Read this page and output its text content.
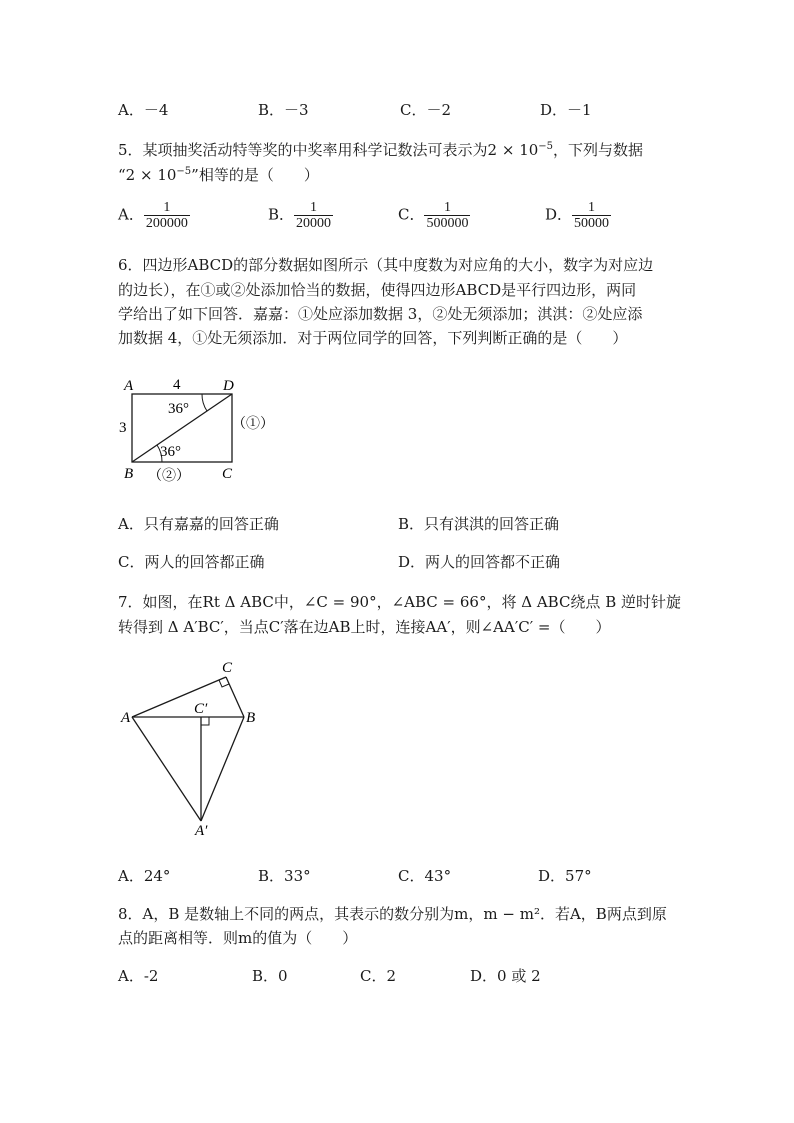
A．－4	B．－3	C．－2	D．－1
5．某项抽奖活动特等奖的中奖率用科学记数法可表示为$2 \times 10^{-5}$，下列与数据
“$2 \times 10^{-5}$”相等的是（　　）
A． $\frac{1}{200000}$	B． $\frac{1}{20000}$	C． $\frac{1}{500000}$	D． $\frac{1}{50000}$
6．四边形ABCD的部分数据如图所示（其中度数为对应角的大小，数字为对应边
的边长），在①或②处添加恰当的数据，使得四边形ABCD是平行四边形，两同
学给出了如下回答．嘉嘉：①处应添加数据 3，②处无须添加；淇淇：②处应添
加数据 4，①处无须添加．对于两位同学的回答，下列判断正确的是（　　）
A	D
B	C
4
3
36°
36°
（①）
（②）
A．只有嘉嘉的回答正确	B．只有淇淇的回答正确
C．两人的回答都正确	D．两人的回答都不正确
7．如图，在Rt Δ ABC中，∠C = 90°，∠ABC = 66°，将 Δ ABC绕点 B 逆时针旋
转得到 Δ A′BC′，当点C′落在边AB上时，连接AA′，则∠AA′C′ =（　　）
C
C′
B
A
A′
A．24°	B．33°	C．43°	D．57°
8．A，B 是数轴上不同的两点，其表示的数分别为m，m − m²．若A，B两点到原
点的距离相等．则m的值为（　　）
A．-2	B．0	C．2	D．0 或 2
